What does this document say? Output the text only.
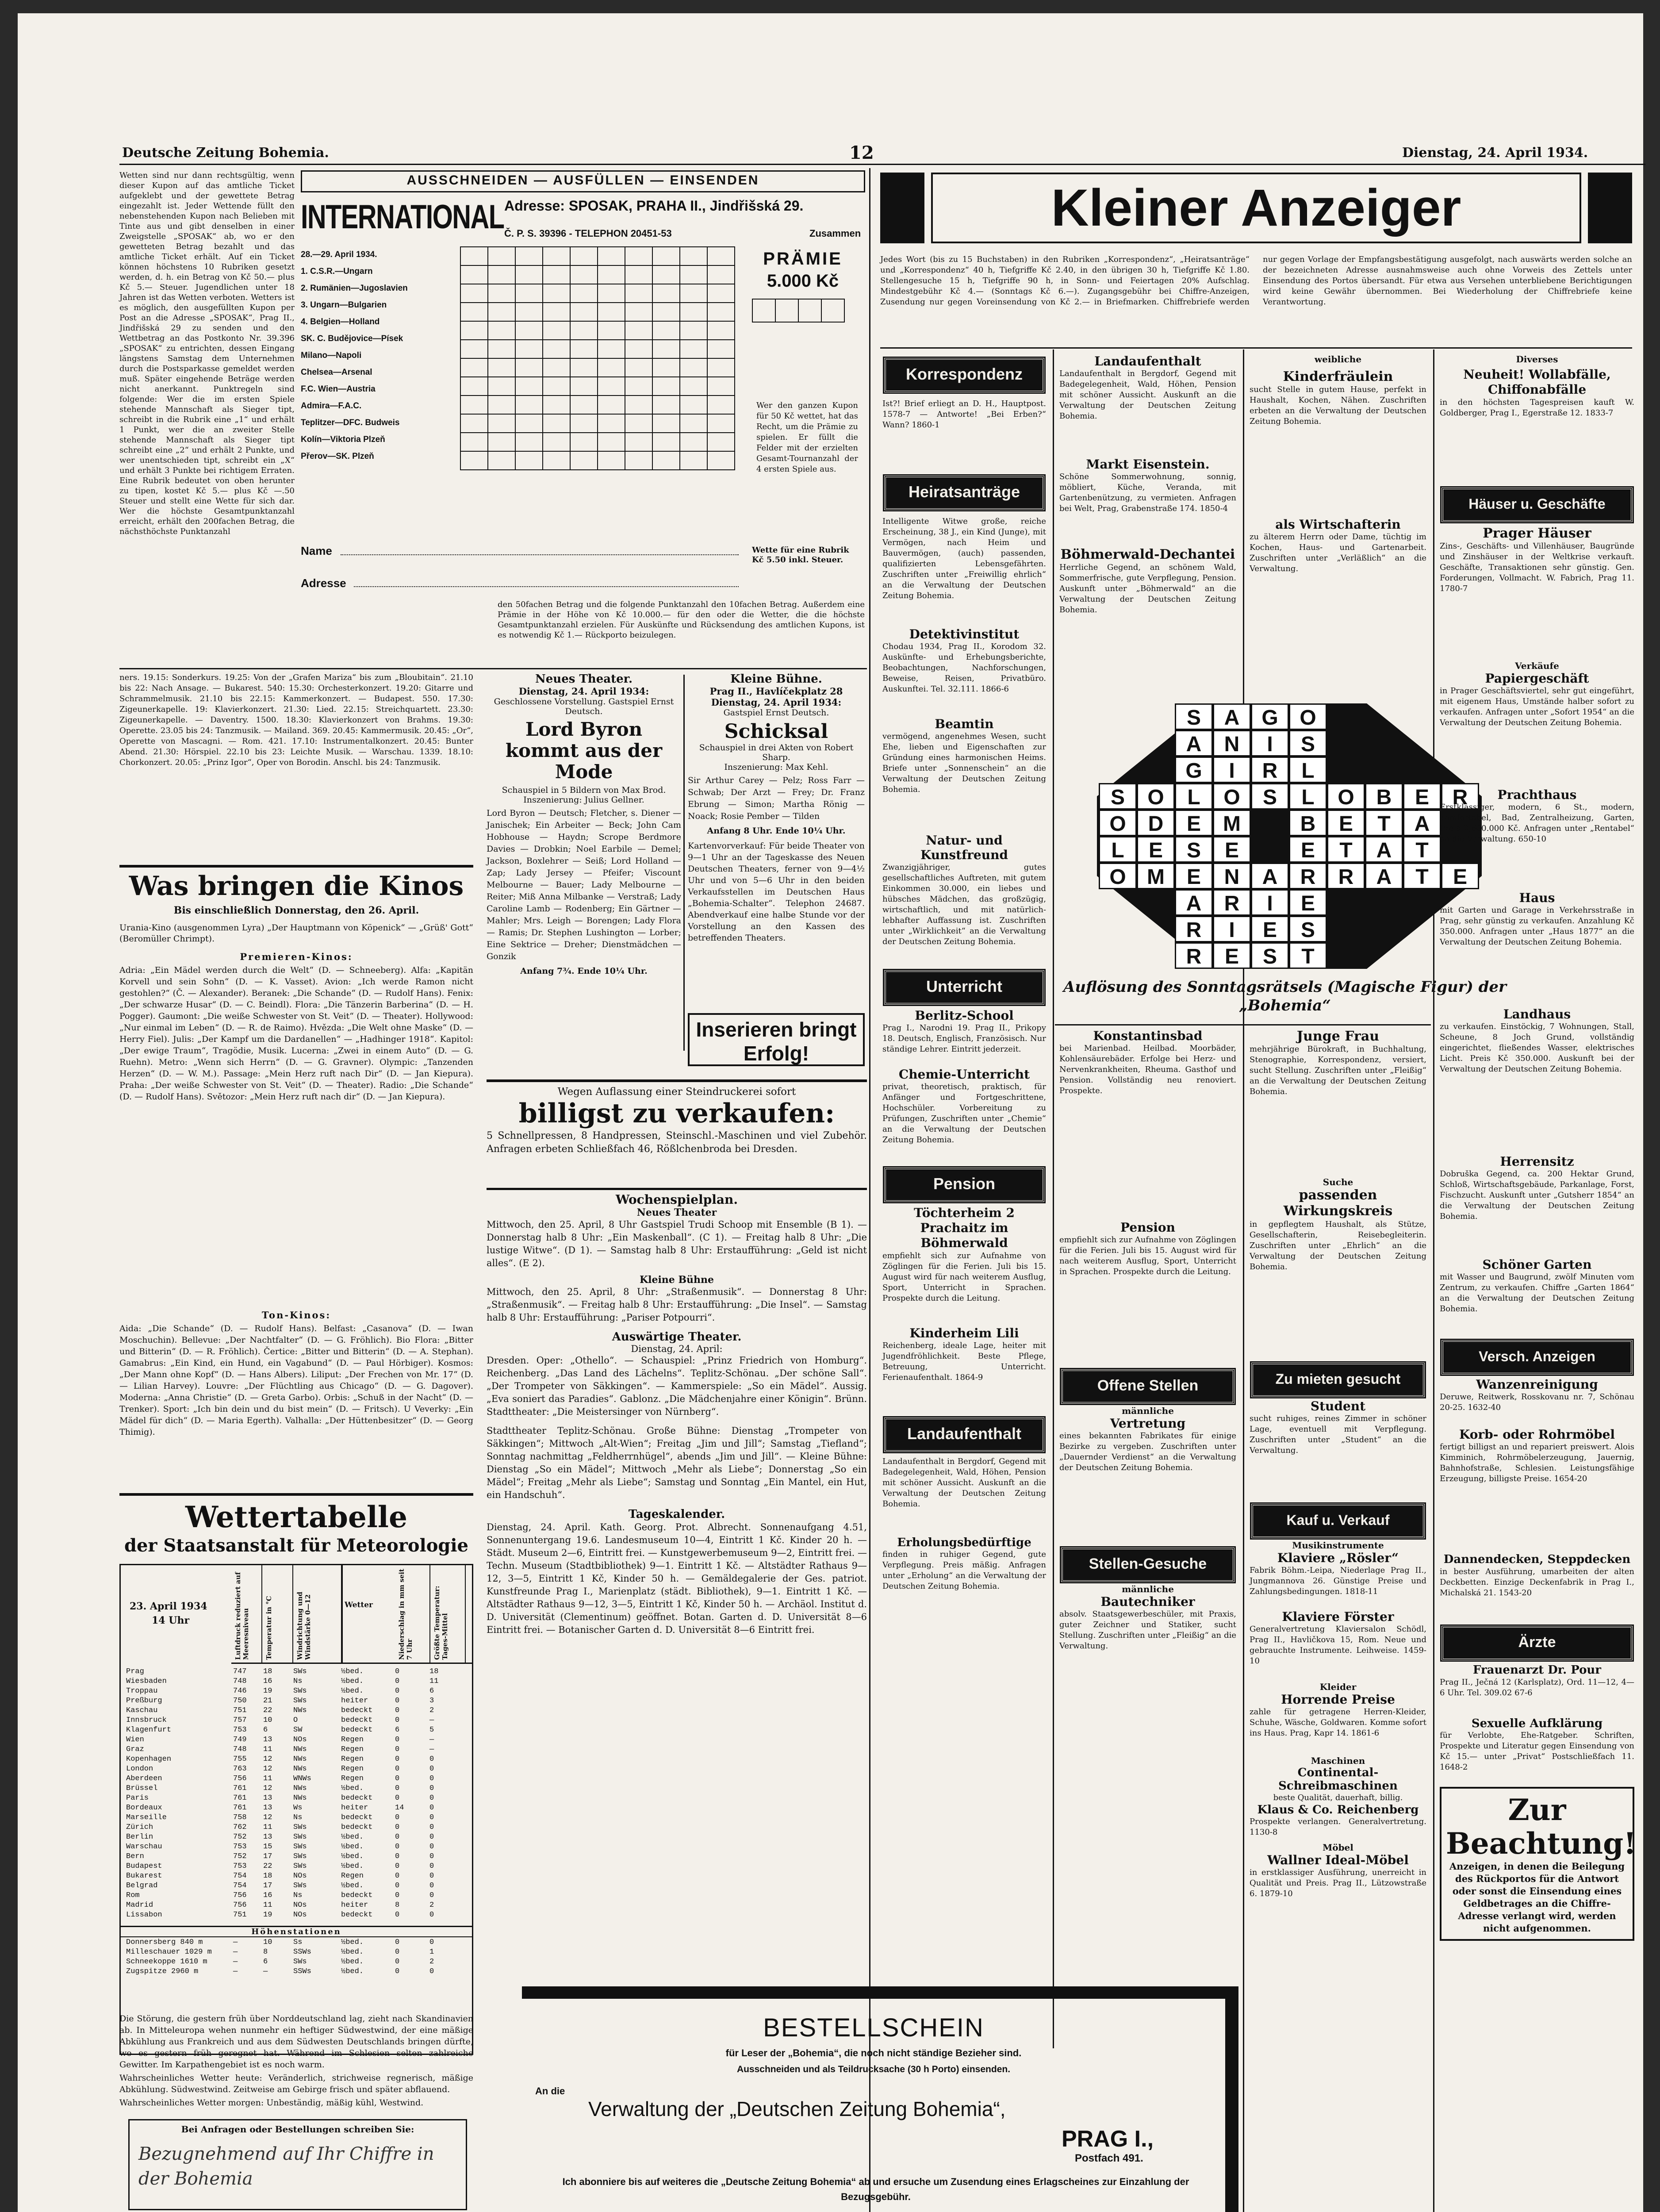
Deutsche Zeitung Bohemia.	12	Dienstag, 24. April 1934.
Wetten sind nur dann rechtsgültig, wenn dieser Kupon auf das amtliche Ticket aufgeklebt und der gewettete Betrag eingezahlt ist. Jeder Wettende füllt den nebenstehenden Kupon nach Belieben mit Tinte aus und gibt denselben in einer Zweigstelle „SPOSAK“ ab, wo er den gewetteten Betrag bezahlt und das amtliche Ticket erhält. Auf ein Ticket können höchstens 10 Rubriken gesetzt werden, d. h. ein Betrag von Kč 50.— plus Kč 5.— Steuer. Jugendlichen unter 18 Jahren ist das Wetten verboten. Wetters ist es möglich, den ausgefüllten Kupon per Post an die Adresse „SPOSAK“, Prag II., Jindřišská 29 zu senden und den Wettbetrag an das Postkonto Nr. 39.396 „SPOSAK“ zu entrichten, dessen Eingang längstens Samstag dem Unternehmen durch die Postsparkasse gemeldet werden muß. Später eingehende Beträge werden nicht anerkannt. Punktregeln sind folgende: Wer die im ersten Spiele stehende Mannschaft als Sieger tipt, schreibt in die Rubrik eine „1“ und erhält 1 Punkt, wer die an zweiter Stelle stehende Mannschaft als Sieger tipt schreibt eine „2“ und erhält 2 Punkte, und wer unentschieden tipt, schreibt ein „X“ und erhält 3 Punkte bei richtigem Erraten. Eine Rubrik bedeutet von oben herunter zu tipen, kostet Kč 5.— plus Kč —.50 Steuer und stellt eine Wette für sich dar. Wer die höchste Gesamtpunktanzahl erreicht, erhält den 200fachen Betrag, die nächsthöchste Punktanzahl
AUSSCHNEIDEN — AUSFÜLLEN — EINSENDEN
INTERNATIONAL Adresse: SPOSAK, PRAHA II., Jindřišská 29.
Č. P. S. 39396 - TELEPHON 20451-53	Zusammen
28.—29. April 1934.
1. C.S.R.—Ungarn
2. Rumänien—Jugoslavien
3. Ungarn—Bulgarien
4. Belgien—Holland
SK. C. Budějovice—Písek
Milano—Napoli
Chelsea—Arsenal
F.C. Wien—Austria
Admira—F.A.C.
Teplitzer—DFC. Budweis
Kolín—Viktoria Plzeň
Přerov—SK. Plzeň

PRÄMIE
5.000 Kč

Wer den ganzen Kupon für 50 Kč wettet, hat das Recht, um die Prämie zu spielen. Er füllt die Felder mit der erzielten Gesamt-Tournanzahl der 4 ersten Spiele aus.
Name	Wette für eine Rubrik Kč 5.50 inkl. Steuer.
Adresse
den 50fachen Betrag und die folgende Punktanzahl den 10fachen Betrag. Außerdem eine Prämie in der Höhe von Kč 10.000.— für den oder die Wetter, die die höchste Gesamtpunktanzahl erzielen. Für Auskünfte und Rücksendung des amtlichen Kupons, ist es notwendig Kč 1.— Rückporto beizulegen.
ners. 19.15: Sonderkurs. 19.25: Von der „Grafen Mariza“ bis zum „Bloubitain“. 21.10 bis 22: Nach Ansage. — Bukarest. 540: 15.30: Orchesterkonzert. 19.20: Gitarre und Schrammelmusik. 21.10 bis 22.15: Kammerkonzert. — Budapest. 550. 17.30: Zigeunerkapelle. 19: Klavierkonzert. 21.30: Lied. 22.15: Streichquartett. 23.30: Zigeunerkapelle. — Daventry. 1500. 18.30: Klavierkonzert von Brahms. 19.30: Operette. 23.05 bis 24: Tanzmusik. — Mailand. 369. 20.45: Kammermusik. 20.45: „Or“, Operette von Mascagni. — Rom. 421. 17.10: Instrumentalkonzert. 20.45: Bunter Abend. 21.30: Hörspiel. 22.10 bis 23: Leichte Musik. — Warschau. 1339. 18.10: Chorkonzert. 20.05: „Prinz Igor“, Oper von Borodin. Anschl. bis 24: Tanzmusik.
Was bringen die Kinos
Bis einschließlich Donnerstag, den 26. April.
Urania-Kino (ausgenommen Lyra) „Der Hauptmann von Köpenick“ — „Grüß' Gott“ (Beromüller Chrimpt).
Premieren-Kinos:
Adria: „Ein Mädel werden durch die Welt“ (D. — Schneeberg). Alfa: „Kapitän Korvell und sein Sohn“ (D. — K. Vasset). Avion: „Ich werde Ramon nicht gestohlen?“ (Č. — Alexander). Beranek: „Die Schande“ (D. — Rudolf Hans). Fenix: „Der schwarze Husar“ (D. — C. Beindl). Flora: „Die Tänzerin Barberina“ (D. — H. Pogger). Gaumont: „Die weiße Schwester von St. Veit“ (D. — Theater). Hollywood: „Nur einmal im Leben“ (D. — R. de Raimo). Hvězda: „Die Welt ohne Maske“ (D. — Herry Fiel). Julis: „Der Kampf um die Dardanellen“ — „Hadhinger 1918“. Kapitol: „Der ewige Traum“, Tragödie, Musik. Lucerna: „Zwei in einem Auto“ (D. — G. Ruehn). Metro: „Wenn sich Herrn“ (D. — G. Gravner). Olympic: „Tanzenden Herzen“ (D. — W. M.). Passage: „Mein Herz ruft nach Dir“ (D. — Jan Kiepura). Praha: „Der weiße Schwester von St. Veit“ (D. — Theater). Radio: „Die Schande“ (D. — Rudolf Hans). Světozor: „Mein Herz ruft nach dir“ (D. — Jan Kiepura).
Ton-Kinos:
Aida: „Die Schande“ (D. — Rudolf Hans). Belfast: „Casanova“ (D. — Iwan Moschuchin). Bellevue: „Der Nachtfalter“ (D. — G. Fröhlich). Bio Flora: „Bitter und Bitterin“ (D. — R. Fröhlich). Čertice: „Bitter und Bitterin“ (D. — A. Stephan). Gamabrus: „Ein Kind, ein Hund, ein Vagabund“ (D. — Paul Hörbiger). Kosmos: „Der Mann ohne Kopf“ (D. — Hans Albers). Liliput: „Der Frechen von Mr. 17“ (D. — Lilian Harvey). Louvre: „Der Flüchtling aus Chicago“ (D. — G. Dagover). Moderna: „Anna Christie“ (D. — Greta Garbo). Orbis: „Schuß in der Nacht“ (D. — Trenker). Sport: „Ich bin dein und du bist mein“ (D. — Fritsch). U Veverky: „Ein Mädel für dich“ (D. — Maria Egerth). Valhalla: „Der Hüttenbesitzer“ (D. — Georg Thimig).
Wettertabelle
der Staatsanstalt für Meteorologie
23. April 1934
14 Uhr	Luftdruck reduziert auf Meeresniveau	Temperatur in °C	Windrichtung und Windstärke 0—12	Wetter	Niederschlag in mm seit 7 Uhr	Größte Temperatur: Tages-Mittel
Prag	747	18	SWs	½bed.	0	18
Wiesbaden	748	16	Ns	½bed.	0	11
Troppau	746	19	SWs	½bed.	0	6
Preßburg	750	21	SWs	heiter	0	3
Kaschau	751	22	NWs	bedeckt	0	2
Innsbruck	757	10	O	bedeckt	0	—
Klagenfurt	753	6	SW	bedeckt	6	5
Wien	749	13	NOs	Regen	0	—
Graz	748	11	NWs	Regen	0	—
Kopenhagen	755	12	NWs	Regen	0	0
London	763	12	NWs	Regen	0	0
Aberdeen	756	11	WNWs	Regen	0	0
Brüssel	761	12	NWs	½bed.	0	0
Paris	761	13	NWs	bedeckt	0	0
Bordeaux	761	13	Ws	heiter	14	0
Marseille	758	12	Ns	bedeckt	0	0
Zürich	762	11	SWs	bedeckt	0	0
Berlin	752	13	SWs	½bed.	0	0
Warschau	753	15	SWs	½bed.	0	0
Bern	752	17	SWs	½bed.	0	0
Budapest	753	22	SWs	½bed.	0	0
Bukarest	754	18	NOs	Regen	0	0
Belgrad	754	17	SWs	½bed.	0	0
Rom	756	16	Ns	bedeckt	0	0
Madrid	756	11	NOs	heiter	8	2
Lissabon	751	19	NOs	bedeckt	0	0
Höhenstationen
Donnersberg 840 m	—	10	Ss	½bed.	0	0
Milleschauer 1029 m	—	8	SSWs	½bed.	0	1
Schneekoppe 1610 m	—	6	SWs	½bed.	0	2
Zugspitze 2960 m	—	—	SSWs	½bed.	0	0

Die Störung, die gestern früh über Norddeutschland lag, zieht nach Skandinavien ab. In Mitteleuropa wehen nunmehr ein heftiger Südwestwind, der eine mäßige Abkühlung aus Frankreich und aus dem Südwesten Deutschlands bringen dürfte, wo es gestern früh geregnet hat. Während im Schlesien selten zahlreiche Gewitter. Im Karpathengebiet ist es noch warm.

Wahrscheinliches Wetter heute: Veränderlich, strichweise regnerisch, mäßige Abkühlung. Südwestwind. Zeitweise am Gebirge frisch und später abflauend.

Wahrscheinliches Wetter morgen: Unbeständig, mäßig kühl, Westwind.

Bei Anfragen oder Bestellungen schreiben Sie:
Bezugnehmend auf Ihr Chiffre in der Bohemia
Neues Theater.
Dienstag, 24. April 1934:
Geschlossene Vorstellung. Gastspiel Ernst Deutsch.
Lord Byron kommt aus der Mode
Schauspiel in 5 Bildern von Max Brod.
Inszenierung: Julius Gellner.
Lord Byron — Deutsch; Fletcher, s. Diener — Janischek; Ein Arbeiter — Beck; John Cam Hobhouse — Haydn; Scrope Berdmore Davies — Drobkin; Noel Earbile — Demel; Jackson, Boxlehrer — Seiß; Lord Holland — Zap; Lady Jersey — Pfeifer; Viscount Melbourne — Bauer; Lady Melbourne — Reiter; Miß Anna Milbanke — Verstraß; Lady Caroline Lamb — Rodenberg; Ein Gärtner — Mahler; Mrs. Leigh — Borengen; Lady Flora — Ramis; Dr. Stephen Lushington — Lorber; Eine Sektrice — Dreher; Dienstmädchen — Gonzik
Anfang 7¾. Ende 10¼ Uhr.
Kleine Bühne.
Prag II., Havlíčekplatz 28
Dienstag, 24. April 1934:
Gastspiel Ernst Deutsch.
Schicksal
Schauspiel in drei Akten von Robert Sharp.
Inszenierung: Max Kehl.
Sir Arthur Carey — Pelz; Ross Farr — Schwab; Der Arzt — Frey; Dr. Franz Ebrung — Simon; Martha Rönig — Noack; Rosie Pember — Tilden
Anfang 8 Uhr. Ende 10¼ Uhr.
Kartenvorverkauf: Für beide Theater von 9—1 Uhr an der Tageskasse des Neuen Deutschen Theaters, ferner von 9—4½ Uhr und von 5—6 Uhr in den beiden Verkaufsstellen im Deutschen Haus „Bohemia-Schalter“. Telephon 24687. Abendverkauf eine halbe Stunde vor der Vorstellung an den Kassen des betreffenden Theaters.
Inserieren bringt Erfolg!
Wegen Auflassung einer Steindruckerei sofort
billigst zu verkaufen:
5 Schnellpressen, 8 Handpressen, Steinschl.-Maschinen und viel Zubehör. Anfragen erbeten Schließfach 46, Rößlchenbroda bei Dresden.
Wochenspielplan.
Neues Theater
Mittwoch, den 25. April, 8 Uhr Gastspiel Trudi Schoop mit Ensemble (B 1). — Donnerstag halb 8 Uhr: „Ein Maskenball“. (C 1). — Freitag halb 8 Uhr: „Die lustige Witwe“. (D 1). — Samstag halb 8 Uhr: Erstaufführung: „Geld ist nicht alles“. (E 2).
Kleine Bühne
Mittwoch, den 25. April, 8 Uhr: „Straßenmusik“. — Donnerstag 8 Uhr: „Straßenmusik“. — Freitag halb 8 Uhr: Erstaufführung: „Die Insel“. — Samstag halb 8 Uhr: Erstaufführung: „Pariser Potpourri“.
Auswärtige Theater.
Dienstag, 24. April:
Dresden. Oper: „Othello“. — Schauspiel: „Prinz Friedrich von Homburg“. Reichenberg. „Das Land des Lächelns“. Teplitz-Schönau. „Der schöne Sall“. „Der Trompeter von Säkkingen“. — Kammerspiele: „So ein Mädel“. Aussig. „Eva soniert das Paradies“. Gablonz. „Die Mädchenjahre einer Königin“. Brünn. Stadttheater: „Die Meistersinger von Nürnberg“.
Stadttheater Teplitz-Schönau. Große Bühne: Dienstag „Trompeter von Säkkingen“; Mittwoch „Alt-Wien“; Freitag „Jim und Jill“; Samstag „Tiefland“; Sonntag nachmittag „Feldherrnhügel“, abends „Jim und Jill“. — Kleine Bühne: Dienstag „So ein Mädel“; Mittwoch „Mehr als Liebe“; Donnerstag „So ein Mädel“; Freitag „Mehr als Liebe“; Samstag und Sonntag „Ein Mantel, ein Hut, ein Handschuh“.
Tageskalender.
Dienstag, 24. April. Kath. Georg. Prot. Albrecht. Sonnenaufgang 4.51, Sonnenuntergang 19.6. Landesmuseum 10—4, Eintritt 1 Kč. Kinder 20 h. — Städt. Museum 2—6, Eintritt frei. — Kunstgewerbemuseum 9—2, Eintritt frei. — Techn. Museum (Stadtbibliothek) 9—1. Eintritt 1 Kč. — Altstädter Rathaus 9—12, 3—5, Eintritt 1 Kč, Kinder 50 h. — Gemäldegalerie der Ges. patriot. Kunstfreunde Prag I., Marienplatz (städt. Bibliothek), 9—1. Eintritt 1 Kč. — Altstädter Rathaus 9—12, 3—5, Eintritt 1 Kč, Kinder 50 h. — Archäol. Institut d. D. Universität (Clementinum) geöffnet. Botan. Garten d. D. Universität 8—6 Eintritt frei. — Botanischer Garten d. D. Universität 8—6 Eintritt frei.
BESTELLSCHEIN
für Leser der „Bohemia“, die noch nicht ständige Bezieher sind.
Ausschneiden und als Teildrucksache (30 h Porto) einsenden.
An die
Verwaltung der „Deutschen Zeitung Bohemia“,
PRAG I.,
Postfach 491.
Ich abonniere bis auf weiteres die „Deutsche Zeitung Bohemia“ ab und ersuche um Zusendung eines Erlagscheines zur Einzahlung der Bezugsgebühr.
Kleiner Anzeiger
Jedes Wort (bis zu 15 Buchstaben) in den Rubriken „Korrespondenz“, „Heiratsanträge“ und „Korrespondenz“ 40 h, Tiefgriffe Kč 2.40, in den übrigen 30 h, Tiefgriffe Kč 1.80. Stellengesuche 15 h, Tiefgriffe 90 h, in Sonn- und Feiertagen 20% Aufschlag. Mindestgebühr Kč 4.— (Sonntags Kč 6.—). Zugangsgebühr bei Chiffre-Anzeigen, Zusendung nur gegen Voreinsendung von Kč 2.— in Briefmarken. Chiffrebriefe werden nur gegen Vorlage der Empfangsbestätigung ausgefolgt, nach auswärts werden solche an der bezeichneten Adresse ausnahmsweise auch ohne Vorweis des Zettels unter Einsendung des Portos übersandt. Für etwa aus Versehen unterbliebene Berichtigungen wird keine Gewähr übernommen. Bei Wiederholung der Chiffrebriefe keine Verantwortung.
Korrespondenz
Ist?! Brief erliegt an D. H., Hauptpost. 1578-7 — Antworte! „Bei Erben?“ Wann? 1860-1
Heiratsanträge
Intelligente Witwe große, reiche Erscheinung, 38 J., ein Kind (Junge), mit Vermögen, nach Heim und Bauvermögen, (auch) passenden, qualifizierten Lebensgefährten. Zuschriften unter „Freiwillig ehrlich“ an die Verwaltung der Deutschen Zeitung Bohemia.
Detektivinstitut
Chodau 1934, Prag II., Korodom 32. Auskünfte- und Erhebungsberichte, Beobachtungen, Nachforschungen, Beweise, Reisen, Privatbüro. Auskunftei. Tel. 32.111. 1866-6
Beamtin
vermögend, angenehmes Wesen, sucht Ehe, lieben und Eigenschaften zur Gründung eines harmonischen Heims. Briefe unter „Sonnenschein“ an die Verwaltung der Deutschen Zeitung Bohemia.
Natur- und Kunstfreund
Zwanzigjähriger, gutes gesellschaftliches Auftreten, mit gutem Einkommen 30.000, ein liebes und hübsches Mädchen, das großzügig, wirtschaftlich, und mit natürlich-lebhafter Auffassung ist. Zuschriften unter „Wirklichkeit“ an die Verwaltung der Deutschen Zeitung Bohemia.
Unterricht
Berlitz-School
Prag I., Narodni 19. Prag II., Prikopy 18. Deutsch, Englisch, Französisch. Nur ständige Lehrer. Eintritt jederzeit.
Chemie-Unterricht
privat, theoretisch, praktisch, für Anfänger und Fortgeschrittene, Hochschüler. Vorbereitung zu Prüfungen, Zuschriften unter „Chemie“ an die Verwaltung der Deutschen Zeitung Bohemia.
Pension
Töchterheim 2 Prachaitz im Böhmerwald
empfiehlt sich zur Aufnahme von Zöglingen für die Ferien. Juli bis 15. August wird für nach weiterem Ausflug, Sport, Unterricht in Sprachen. Prospekte durch die Leitung.
Kinderheim Lili
Reichenberg, ideale Lage, heiter mit Jugendfröhlichkeit. Beste Pflege, Betreuung, Unterricht. Ferienaufenthalt. 1864-9
Landaufenthalt
Landaufenthalt in Bergdorf, Gegend mit Badegelegenheit, Wald, Höhen, Pension mit schöner Aussicht. Auskunft an die Verwaltung der Deutschen Zeitung Bohemia.
Erholungsbedürftige
finden in ruhiger Gegend, gute Verpflegung. Preis mäßig. Anfragen unter „Erholung“ an die Verwaltung der Deutschen Zeitung Bohemia.
Landaufenthalt
Landaufenthalt in Bergdorf, Gegend mit Badegelegenheit, Wald, Höhen, Pension mit schöner Aussicht. Auskunft an die Verwaltung der Deutschen Zeitung Bohemia.
Markt Eisenstein.
Schöne Sommerwohnung, sonnig, möbliert, Küche, Veranda, mit Gartenbenützung, zu vermieten. Anfragen bei Welt, Prag, Grabenstraße 174. 1850-4
Böhmerwald-Dechantei
Herrliche Gegend, an schönem Wald, Sommerfrische, gute Verpflegung, Pension. Auskunft unter „Böhmerwald“ an die Verwaltung der Deutschen Zeitung Bohemia.
S	A	G	O
A	N	I	S
G	I	R	L
S	O	L	O	S	L	O	B	E	R
O	D	E	M	B	E	T	A
L	E	S	E	E	T	A	T
O M	E	N	A	R	R	A	T	E
A	R	I	E
R	I	E	S
R	E	S	T
Auflösung des Sonntagsrätsels (Magische Figur) der „Bohemia“
Konstantinsbad
bei Marienbad. Heilbad. Moorbäder, Kohlensäurebäder. Erfolge bei Herz- und Nervenkrankheiten, Rheuma. Gasthof und Pension. Vollständig neu renoviert. Prospekte.
Pension
empfiehlt sich zur Aufnahme von Zöglingen für die Ferien. Juli bis 15. August wird für nach weiterem Ausflug, Sport, Unterricht in Sprachen. Prospekte durch die Leitung.
Offene Stellen
männliche
Vertretung
eines bekannten Fabrikates für einige Bezirke zu vergeben. Zuschriften unter „Dauernder Verdienst“ an die Verwaltung der Deutschen Zeitung Bohemia.
Stellen-Gesuche
männliche
Bautechniker
absolv. Staatsgewerbeschüler, mit Praxis, guter Zeichner und Statiker, sucht Stellung. Zuschriften unter „Fleißig“ an die Verwaltung.
weibliche
Kinderfräulein
sucht Stelle in gutem Hause, perfekt in Haushalt, Kochen, Nähen. Zuschriften erbeten an die Verwaltung der Deutschen Zeitung Bohemia.
als Wirtschafterin
zu älterem Herrn oder Dame, tüchtig im Kochen, Haus- und Gartenarbeit. Zuschriften unter „Verläßlich“ an die Verwaltung.
Junge Frau
mehrjährige Bürokraft, in Buchhaltung, Stenographie, Korrespondenz, versiert, sucht Stellung. Zuschriften unter „Fleißig“ an die Verwaltung der Deutschen Zeitung Bohemia.
Suche
passenden Wirkungskreis
in gepflegtem Haushalt, als Stütze, Gesellschafterin, Reisebegleiterin. Zuschriften unter „Ehrlich“ an die Verwaltung der Deutschen Zeitung Bohemia.
Zu mieten gesucht
Student
sucht ruhiges, reines Zimmer in schöner Lage, eventuell mit Verpflegung. Zuschriften unter „Student“ an die Verwaltung.
Kauf u. Verkauf
Musikinstrumente
Klaviere „Rösler“
Fabrik Böhm.-Leipa, Niederlage Prag II., Jungmannova 26. Günstige Preise und Zahlungsbedingungen. 1818-11
Klaviere Förster
Generalvertretung Klaviersalon Schödl, Prag II., Havličkova 15, Rom. Neue und gebrauchte Instrumente. Leihweise. 1459-10
Kleider
Horrende Preise
zahle für getragene Herren-Kleider, Schuhe, Wäsche, Goldwaren. Komme sofort ins Haus. Prag, Kapr 14. 1861-6
Maschinen
Continental-Schreibmaschinen
beste Qualität, dauerhaft, billig.
Klaus & Co. Reichenberg
Prospekte verlangen. Generalvertretung. 1130-8
Möbel
Wallner Ideal-Möbel
in erstklassiger Ausführung, unerreicht in Qualität und Preis. Prag II., Lützowstraße 6. 1879-10
Diverses
Neuheit! Wollabfälle, Chiffonabfälle
in den höchsten Tagespreisen kauft W. Goldberger, Prag I., Egerstraße 12. 1833-7
Häuser u. Geschäfte
Prager Häuser
Zins-, Geschäfts- und Villenhäuser, Baugründe und Zinshäuser in der Weltkrise verkauft. Geschäfte, Transaktionen sehr günstig. Gen. Forderungen, Vollmacht. W. Fabrich, Prag 11. 1780-7
Verkäufe
Papiergeschäft
in Prager Geschäftsviertel, sehr gut eingeführt, mit eigenem Haus, Umstände halber sofort zu verkaufen. Anfragen unter „Sofort 1954“ an die Verwaltung der Deutschen Zeitung Bohemia.
Prachthaus
Erstklassiger, modern, 6 St., modern, komfortabel, Bad, Zentralheizung, Garten, Preis 2,600.000 Kč. Anfragen unter „Rentabel“ an die Verwaltung. 650-10
Haus
mit Garten und Garage in Verkehrsstraße in Prag, sehr günstig zu verkaufen. Anzahlung Kč 350.000. Anfragen unter „Haus 1877“ an die Verwaltung der Deutschen Zeitung Bohemia.
Landhaus
zu verkaufen. Einstöckig, 7 Wohnungen, Stall, Scheune, 8 Joch Grund, vollständig eingerichtet, fließendes Wasser, elektrisches Licht. Preis Kč 350.000. Auskunft bei der Verwaltung der Deutschen Zeitung Bohemia.
Herrensitz
Dobruška Gegend, ca. 200 Hektar Grund, Schloß, Wirtschaftsgebäude, Parkanlage, Forst, Fischzucht. Auskunft unter „Gutsherr 1854“ an die Verwaltung der Deutschen Zeitung Bohemia.
Schöner Garten
mit Wasser und Baugrund, zwölf Minuten vom Zentrum, zu verkaufen. Chiffre „Garten 1864“ an die Verwaltung der Deutschen Zeitung Bohemia.
Versch. Anzeigen
Wanzenreinigung
Deruwe, Reitwerk, Rosskovanu nr. 7, Schönau 20-25. 1632-40
Korb- oder Rohrmöbel
fertigt billigst an und repariert preiswert. Alois Kimminich, Rohrmöbelerzeugung, Jauernig, Bahnhofstraße, Schlesien. Leistungsfähige Erzeugung, billigste Preise. 1654-20
Dannendecken, Steppdecken
in bester Ausführung, umarbeiten der alten Deckbetten. Einzige Deckenfabrik in Prag I., Michalská 21. 1543-20
Ärzte
Frauenarzt Dr. Pour
Prag II., Ječná 12 (Karlsplatz), Ord. 11—12, 4—6 Uhr. Tel. 309.02 67-6
Sexuelle Aufklärung
für Verlobte, Ehe-Ratgeber. Schriften, Prospekte und Literatur gegen Einsendung von Kč 15.— unter „Privat“ Postschließfach 11. 1648-2
Zur Beachtung!
Anzeigen, in denen die Beilegung des Rückportos für die Antwort oder sonst die Einsendung eines Geldbetrages an die Chiffre-Adresse verlangt wird, werden nicht aufgenommen.
